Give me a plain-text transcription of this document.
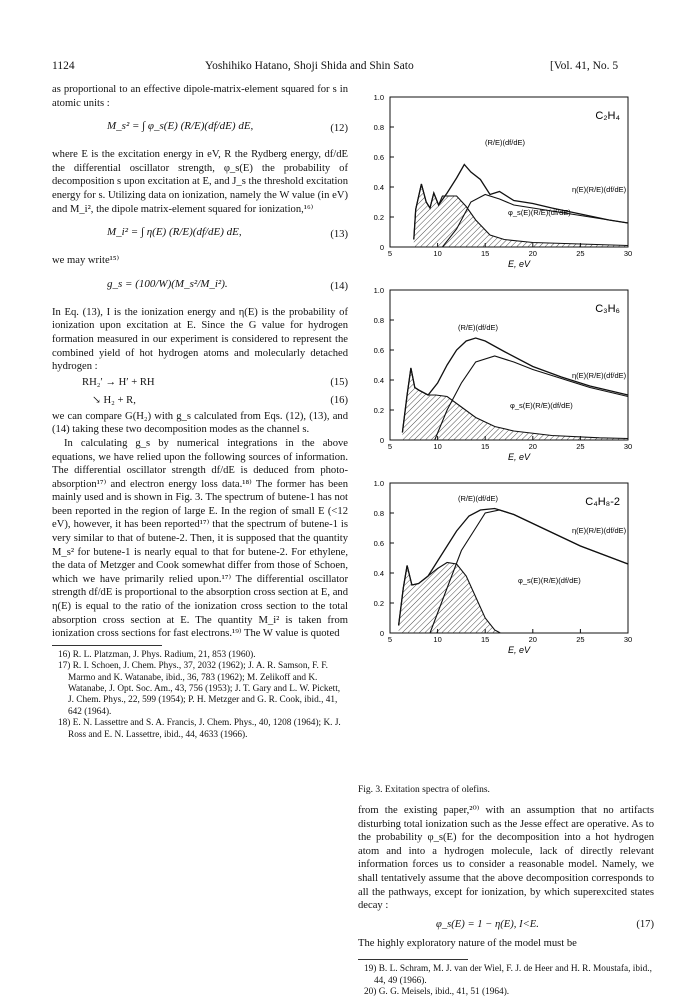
1124	Yoshihiko Hatano, Shoji Shida and Shin Sato	[Vol. 41, No. 5

as proportional to an effective dipole-matrix-element squared for s in atomic units :

M_s² = ∫ φ_s(E) (R/E)(df/dE) dE,	(12)

where E is the excitation energy in eV, R the Rydberg energy, df/dE the differential oscillator strength, φ_s(E) the probability of decomposition s upon excitation at E, and J_s the threshold excitation energy for s. Utilizing data on ionization, namely the W value (in eV) and M_i², the dipole matrix-element squared for ionization,¹⁶⁾

M_i² = ∫ η(E) (R/E)(df/dE) dE,	(13)

we may write¹⁵⁾

g_s = (100/W)(M_s²/M_i²).	(14)

In Eq. (13), I is the ionization energy and η(E) is the probability of ionization upon excitation at E. Since the G value for hydrogen formation measured in our experiment is considered to represent the combined yield of hot hydrogen atoms and molecularly detached hydrogen :

RH₂′ → H′ + RH	(15)
↘ H₂ + R,	(16)

we can compare G(H₂) with g_s calculated from Eqs. (12), (13), and (14) taking these two decomposition modes as the channel s.

In calculating g_s by numerical integrations in the above equations, we have relied upon the following sources of information. The differential oscillator strength df/dE is deduced from photo-absorption¹⁷⁾ and electron energy loss data.¹⁸⁾ The former has been mainly used and is shown in Fig. 3. The spectrum of butene-1 has not been reported in the region of large E. In the region of small E (<12 eV), however, it has been reported¹⁷⁾ that the spectrum of butene-1 is very similar to that of butene-2. Then, it is supposed that the quantity M_s² for butene-1 is nearly equal to that for butene-2. For ethylene, the data of Metzger and Cook somewhat differ from those of Schoen, which we have primarily relied upon.¹⁷⁾ The differential oscillator strength df/dE is proportional to the absorption cross section at E, and η(E) is equal to the ratio of the ionization cross section to the total absorption cross section at E. The quantity M_i² is taken from ionization cross sections for fast electrons.¹⁹⁾ The W value is quoted

16) R. L. Platzman, J. Phys. Radium, 21, 853 (1960).
17) R. I. Schoen, J. Chem. Phys., 37, 2032 (1962); J. A. R. Samson, F. F. Marmo and K. Watanabe, ibid., 36, 783 (1962); M. Zelikoff and K. Watanabe, J. Opt. Soc. Am., 43, 756 (1953); J. T. Gary and L. W. Pickett, J. Chem. Phys., 22, 599 (1954); P. H. Metzger and G. R. Cook, ibid., 41, 642 (1964).
18) E. N. Lassettre and S. A. Francis, J. Chem. Phys., 40, 1208 (1964); K. J. Ross and E. N. Lassettre, ibid., 44, 4633 (1966).
0
0.2
0.4
0.6
0.8
1.0
5	10	15	20	25	30
E, eV
C₂H₄
(R/E)(df/dE)
η(E)(R/E)(df/dE)
φ_s(E)(R/E)(df/dE)
0
0.2
0.4
0.6
0.8
1.0
5	10	15	20	25	30
E, eV
C₃H₆
(R/E)(df/dE)
η(E)(R/E)(df/dE)
φ_s(E)(R/E)(df/dE)
0
0.2
0.4
0.6
0.8
1.0
5	10	15	20	25	30
E, eV
C₄H₈-2
(R/E)(df/dE)
η(E)(R/E)(df/dE)
φ_s(E)(R/E)(df/dE)
Fig. 3. Exitation spectra of olefins.

from the existing paper,²⁰⁾ with an assumption that no artifacts disturbing total ionization such as the Jesse effect are operative. As to the probability φ_s(E) for the decomposition into a hot hydrogen atom and into a hydrogen molecule, lack of directly relevant information forces us to consider a reasonable model. Namely, we shall tentatively assume that the above decomposition corresponds to all the pathways, except for ionization, by which superexcited states decay :

φ_s(E) = 1 − η(E), I<E.	(17)

The highly exploratory nature of the model must be

19) B. L. Schram, M. J. van der Wiel, F. J. de Heer and H. R. Moustafa, ibid., 44, 49 (1966).
20) G. G. Meisels, ibid., 41, 51 (1964).
